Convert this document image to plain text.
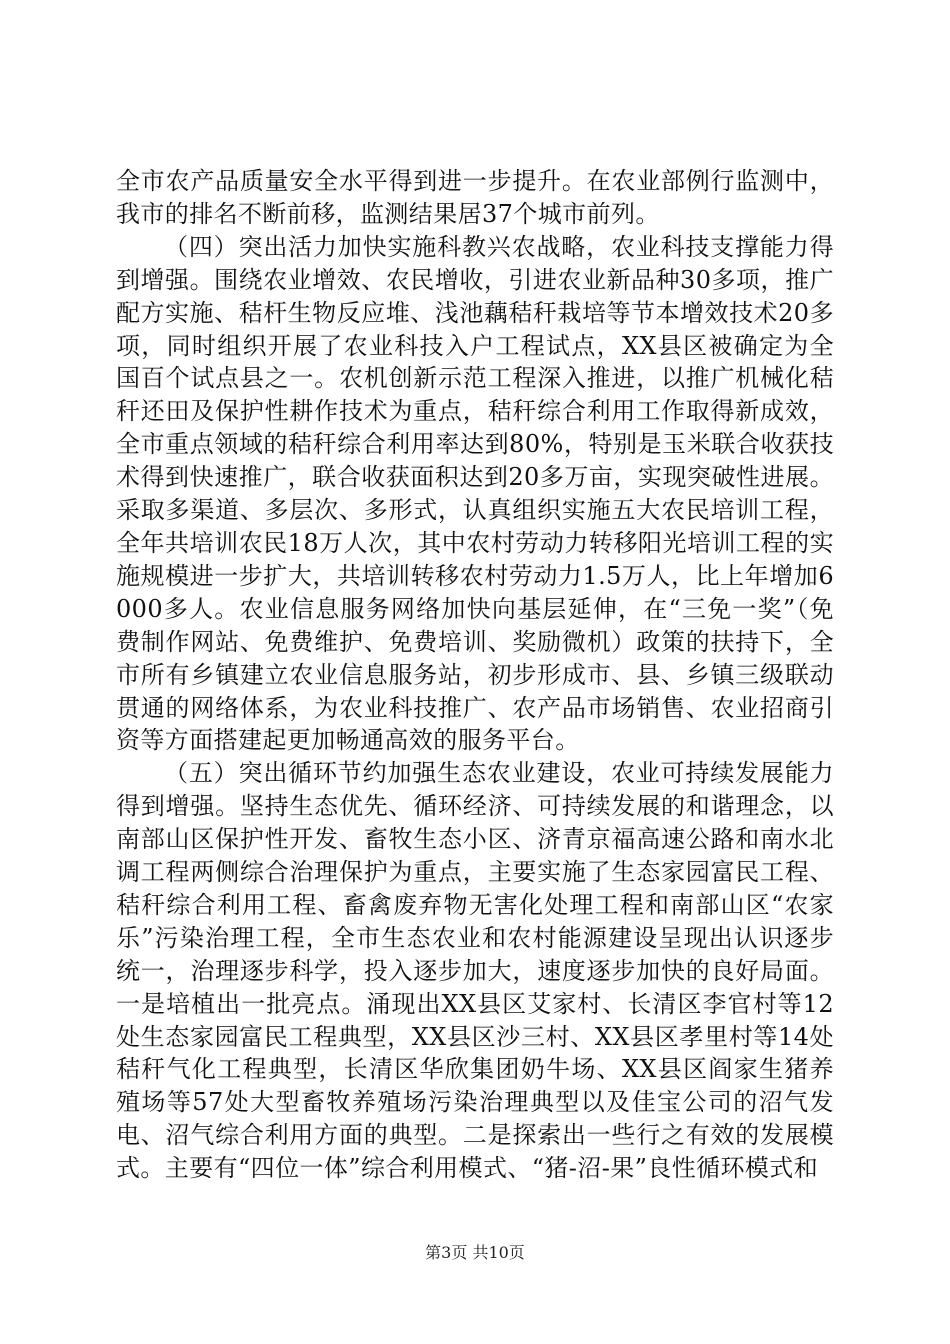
全市农产品质量安全水平得到进一步提升。在农业部例行监测中，我市的排名不断前移，监测结果居37个城市前列。

（四）突出活力加快实施科教兴农战略，农业科技支撑能力得到增强。围绕农业增效、农民增收，引进农业新品种30多项，推广配方实施、秸杆生物反应堆、浅池藕秸秆栽培等节本增效技术20多项，同时组织开展了农业科技入户工程试点，XX县区被确定为全国百个试点县之一。农机创新示范工程深入推进，以推广机械化秸秆还田及保护性耕作技术为重点，秸秆综合利用工作取得新成效，全市重点领域的秸秆综合利用率达到80%，特别是玉米联合收获技术得到快速推广，联合收获面积达到20多万亩，实现突破性进展。采取多渠道、多层次、多形式，认真组织实施五大农民培训工程，全年共培训农民18万人次，其中农村劳动力转移阳光培训工程的实施规模进一步扩大，共培训转移农村劳动力1.5万人，比上年增加6000多人。农业信息服务网络加快向基层延伸，在“三免一奖”（免费制作网站、免费维护、免费培训、奖励微机）政策的扶持下，全市所有乡镇建立农业信息服务站，初步形成市、县、乡镇三级联动贯通的网络体系，为农业科技推广、农产品市场销售、农业招商引资等方面搭建起更加畅通高效的服务平台。

（五）突出循环节约加强生态农业建设，农业可持续发展能力得到增强。坚持生态优先、循环经济、可持续发展的和谐理念，以南部山区保护性开发、畜牧生态小区、济青京福高速公路和南水北调工程两侧综合治理保护为重点，主要实施了生态家园富民工程、秸秆综合利用工程、畜禽废弃物无害化处理工程和南部山区“农家乐”污染治理工程，全市生态农业和农村能源建设呈现出认识逐步统一，治理逐步科学，投入逐步加大，速度逐步加快的良好局面。一是培植出一批亮点。涌现出XX县区艾家村、长清区李官村等12处生态家园富民工程典型，XX县区沙三村、XX县区孝里村等14处秸秆气化工程典型，长清区华欣集团奶牛场、XX县区阎家生猪养殖场等57处大型畜牧养殖场污染治理典型以及佳宝公司的沼气发电、沼气综合利用方面的典型。二是探索出一些行之有效的发展模式。主要有“四位一体”综合利用模式、“猪-沼-果”良性循环模式和

第3页 共10页
